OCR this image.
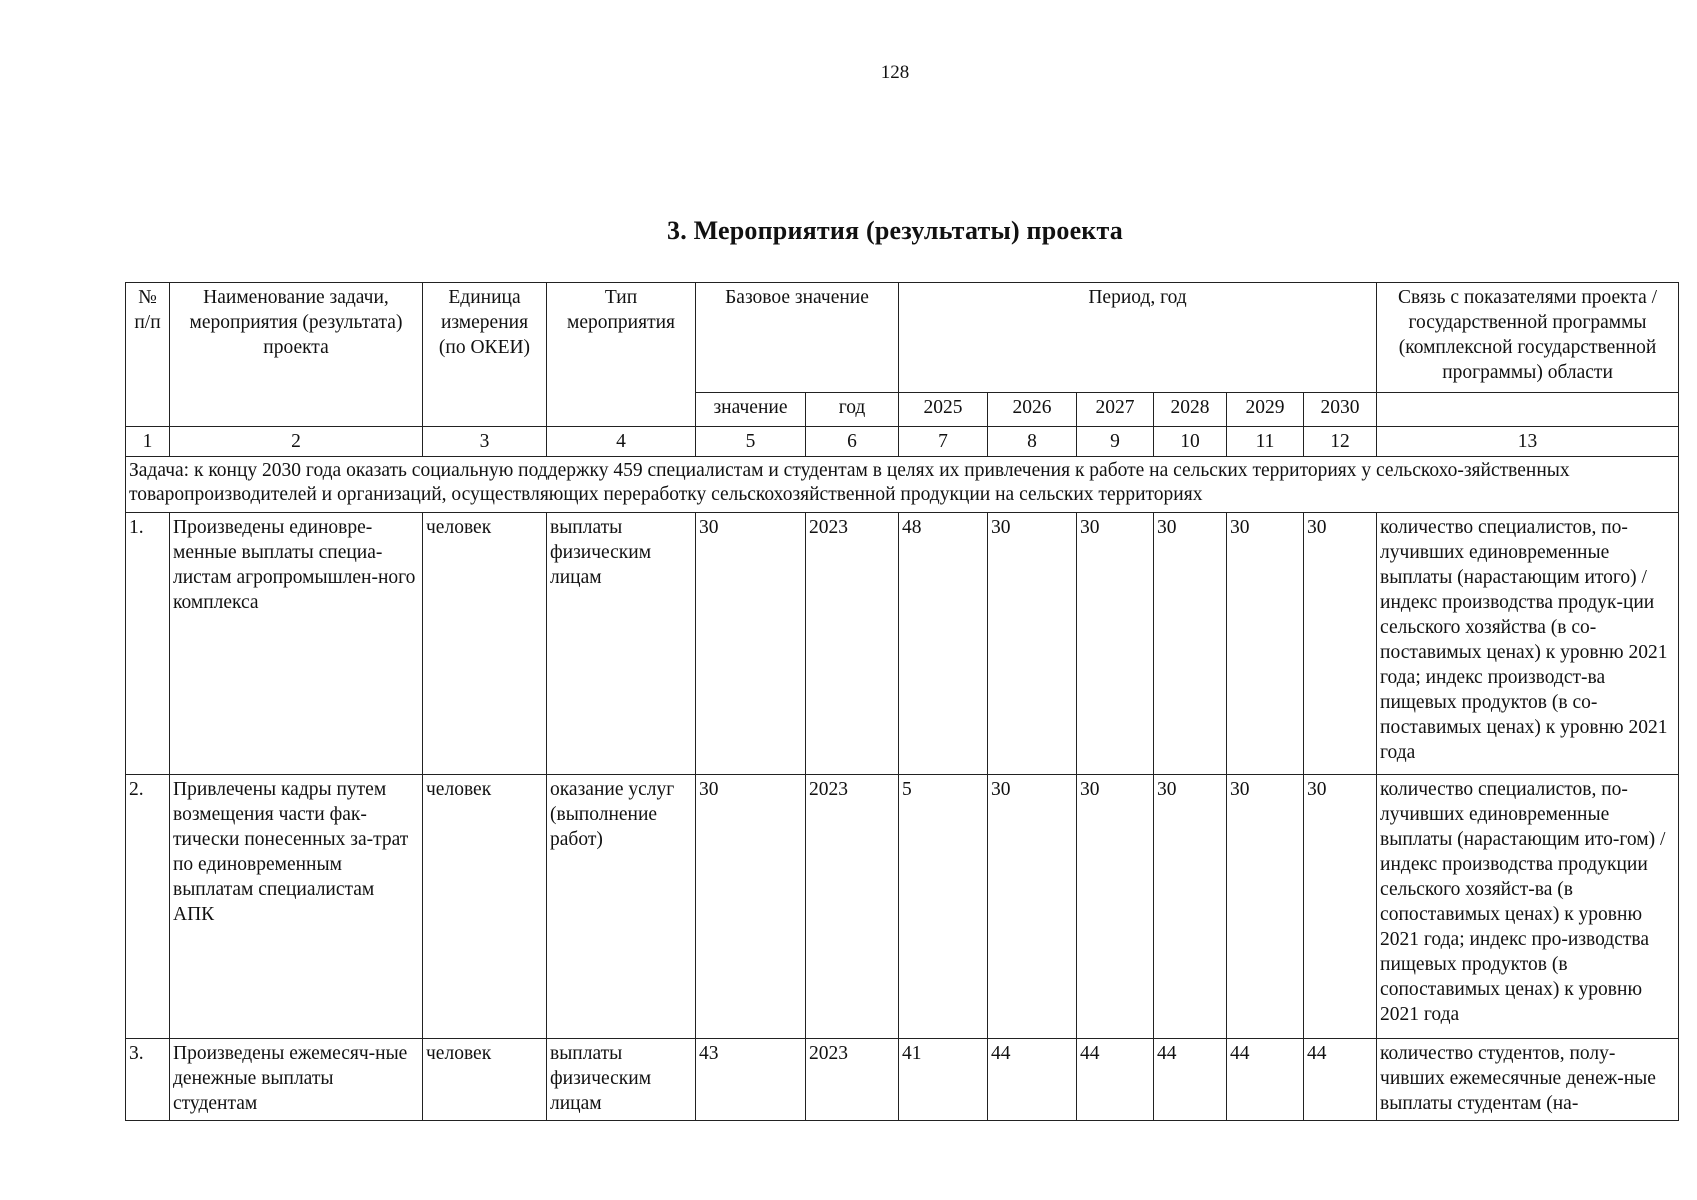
128
3. Мероприятия (результаты) проекта
№ п/п	Наименование задачи, мероприятия (результата) проекта	Единица измерения (по ОКЕИ)	Тип мероприятия	Базовое значение		Период, год						Связь с показателями проекта / государственной программы (комплексной государственной программы) области
				значение	год	2025	2026	2027	2028	2029	2030	
1	2	3	4	5	6	7	8	9	10	11	12	13
Задача: к концу 2030 года оказать социальную поддержку 459 специалистам и студентам в целях их привлечения к работе на сельских территориях у сельскохо-зяйственных товаропроизводителей и организаций, осуществляющих переработку сельскохозяйственной продукции на сельских территориях												
1.	Произведены единовре-менные выплаты специа-листам агропромышлен-ного комплекса	человек	выплаты физическим лицам	30	2023	48	30	30	30	30	30	количество специалистов, по-лучивших единовременные выплаты (нарастающим итого) / индекс производства продук-ции сельского хозяйства (в со-поставимых ценах) к уровню 2021 года; индекс производст-ва пищевых продуктов (в со-поставимых ценах) к уровню 2021 года
2.	Привлечены кадры путем возмещения части фак-тически понесенных за-трат по единовременным выплатам специалистам АПК	человек	оказание услуг (выполнение работ)	30	2023	5	30	30	30	30	30	количество специалистов, по-лучивших единовременные выплаты (нарастающим ито-гом) / индекс производства продукции сельского хозяйст-ва (в сопоставимых ценах) к уровню 2021 года; индекс про-изводства пищевых продуктов (в сопоставимых ценах) к уровню 2021 года
3.	Произведены ежемесяч-ные денежные выплаты студентам	человек	выплаты физическим лицам	43	2023	41	44	44	44	44	44	количество студентов, полу-чивших ежемесячные денеж-ные выплаты студентам (на-
